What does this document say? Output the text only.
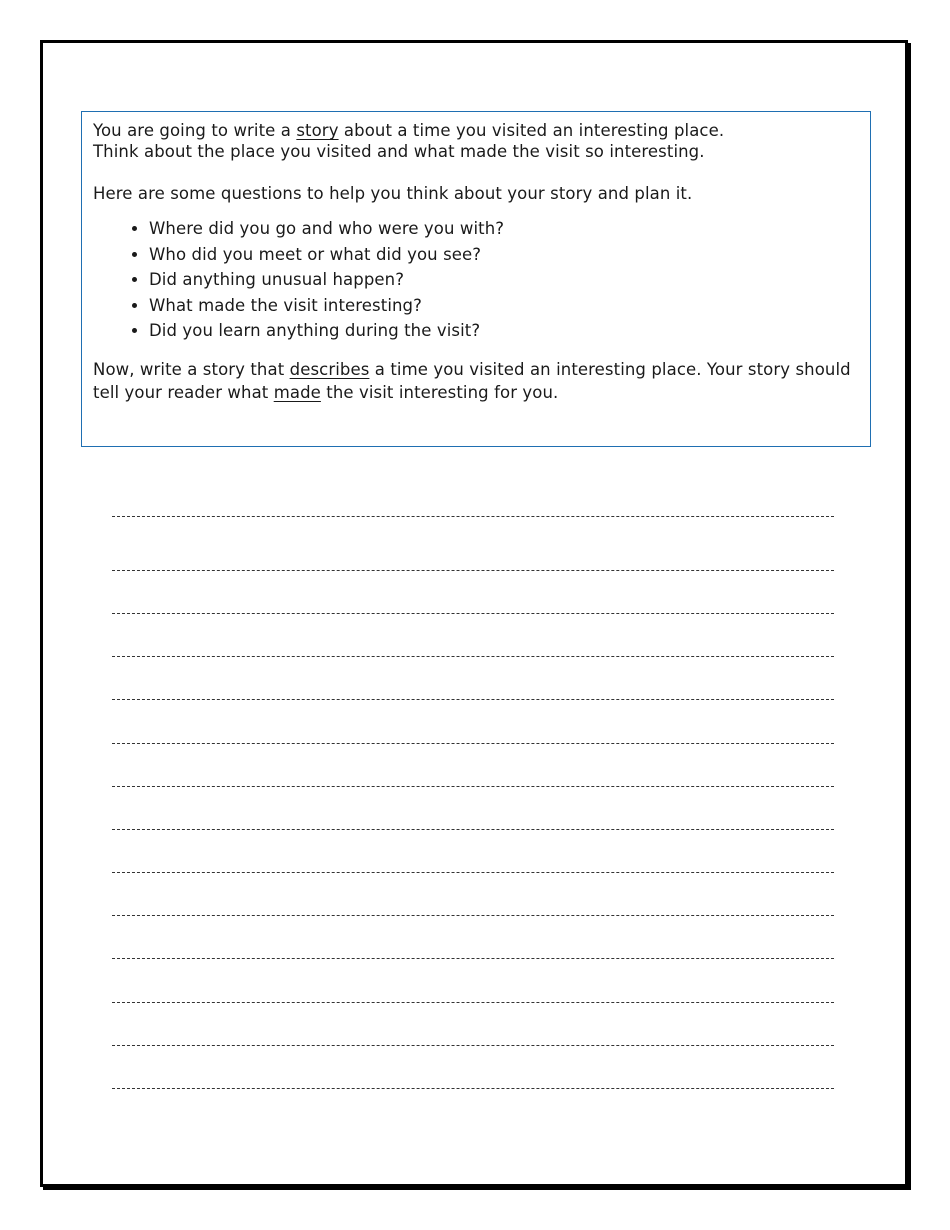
You are going to write a story about a time you visited an interesting place.

Think about the place you visited and what made the visit so interesting.

Here are some questions to help you think about your story and plan it.

• Where did you go and who were you with?
• Who did you meet or what did you see?
• Did anything unusual happen?
• What made the visit interesting?
• Did you learn anything during the visit?

Now, write a story that describes a time you visited an interesting place. Your story should tell your reader what made the visit interesting for you.
